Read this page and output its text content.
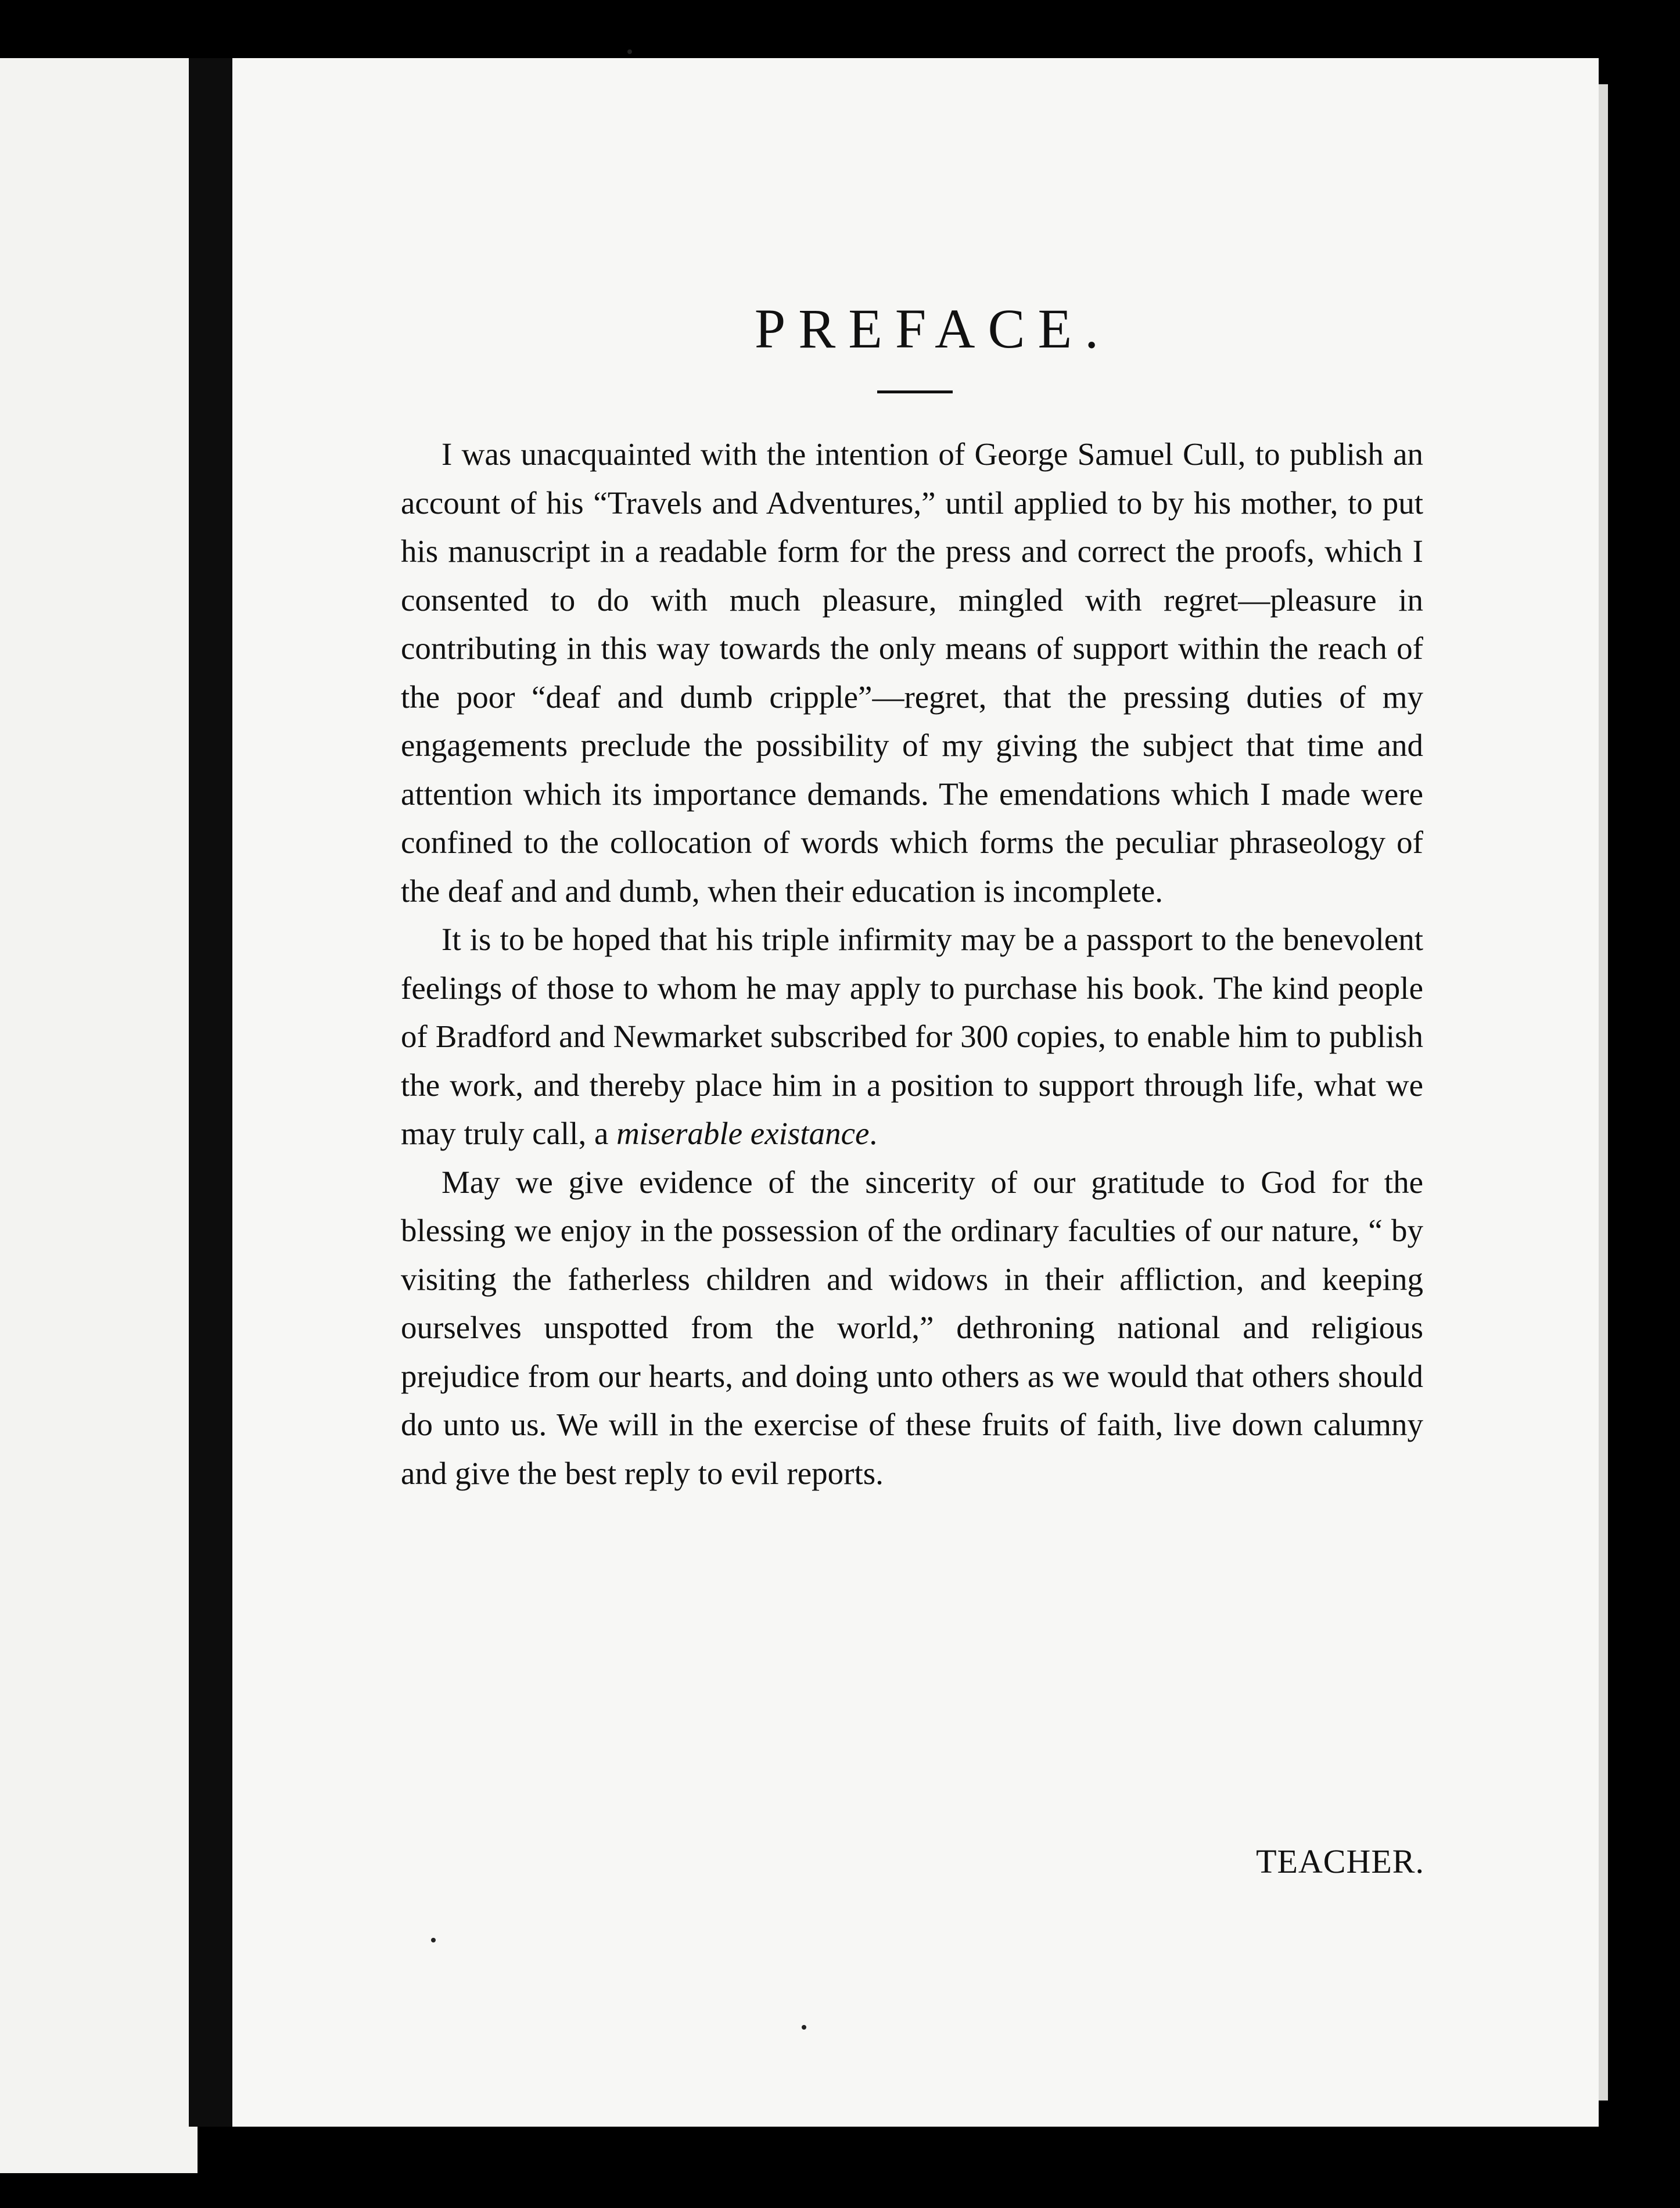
PREFACE.

I was unacquainted with the intention of George Samuel Cull, to publish an account of his “Travels and Adventures,” until applied to by his mother, to put his manuscript in a readable form for the press and correct the proofs, which I consented to do with much pleasure, mingled with regret—pleasure in contributing in this way towards the only means of support within the reach of the poor “deaf and dumb cripple”—regret, that the pressing duties of my engagements preclude the possibility of my giving the subject that time and attention which its importance demands. The emendations which I made were confined to the collocation of words which forms the peculiar phraseology of the deaf and and dumb, when their education is incomplete.

It is to be hoped that his triple infirmity may be a passport to the benevolent feelings of those to whom he may apply to purchase his book. The kind people of Bradford and Newmarket subscribed for 300 copies, to enable him to publish the work, and thereby place him in a position to support through life, what we may truly call, a miserable existance.

May we give evidence of the sincerity of our gratitude to God for the blessing we enjoy in the possession of the ordinary faculties of our nature, “ by visiting the fatherless children and widows in their affliction, and keeping ourselves unspotted from the world,” dethroning national and religious prejudice from our hearts, and doing unto others as we would that others should do unto us. We will in the exercise of these fruits of faith, live down calumny and give the best reply to evil reports.

TEACHER.
